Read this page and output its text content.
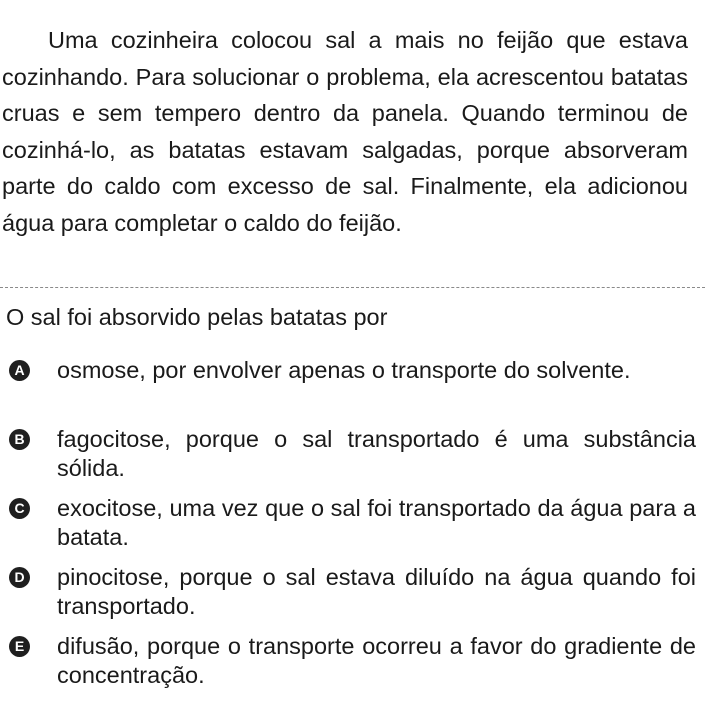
Uma cozinheira colocou sal a mais no feijão que estava cozinhando. Para solucionar o problema, ela acrescentou batatas cruas e sem tempero dentro da panela. Quando terminou de cozinhá-lo, as batatas estavam salgadas, porque absorveram parte do caldo com excesso de sal. Finalmente, ela adicionou água para completar o caldo do feijão.

O sal foi absorvido pelas batatas por

A osmose, por envolver apenas o transporte do solvente.

B fagocitose, porque o sal transportado é uma substância sólida.

C exocitose, uma vez que o sal foi transportado da água para a batata.

D pinocitose, porque o sal estava diluído na água quando foi transportado.

E difusão, porque o transporte ocorreu a favor do gradiente de concentração.
